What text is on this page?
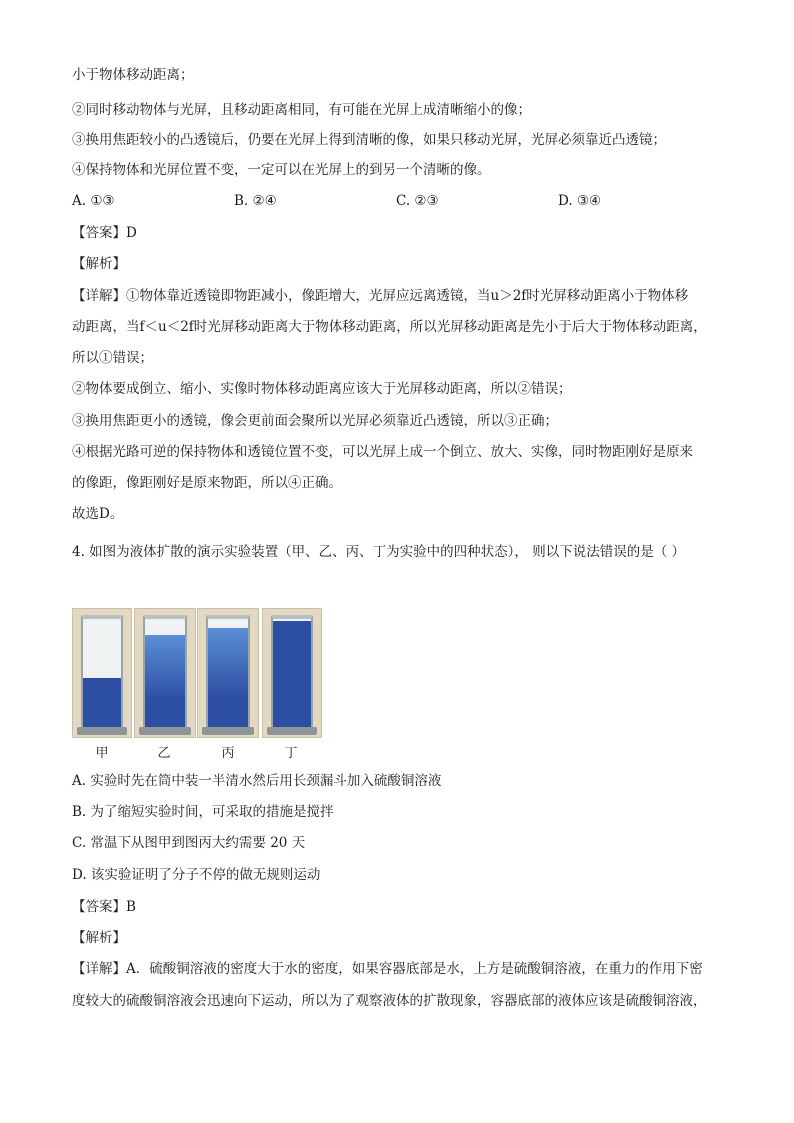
小于物体移动距离；
②同时移动物体与光屏，且移动距离相同，有可能在光屏上成清晰缩小的像；
③换用焦距较小的凸透镜后，仍要在光屏上得到清晰的像，如果只移动光屏，光屏必须靠近凸透镜；
④保持物体和光屏位置不变，一定可以在光屏上的到另一个清晰的像。
A. ①③	B. ②④	C. ②③	D. ③④
【答案】D
【解析】
【详解】①物体靠近透镜即物距减小，像距增大，光屏应远离透镜，当u＞2f时光屏移动距离小于物体移
动距离，当f＜u＜2f时光屏移动距离大于物体移动距离，所以光屏移动距离是先小于后大于物体移动距离，
所以①错误；
②物体要成倒立、缩小、实像时物体移动距离应该大于光屏移动距离，所以②错误；
③换用焦距更小的透镜，像会更前面会聚所以光屏必须靠近凸透镜，所以③正确；
④根据光路可逆的保持物体和透镜位置不变，可以光屏上成一个倒立、放大、实像，同时物距刚好是原来
的像距，像距刚好是原来物距，所以④正确。
故选D。
4. 如图为液体扩散的演示实验装置（甲、乙、丙、丁为实验中的四种状态）， 则以下说法错误的是（ ）
甲	乙	丙	丁
A. 实验时先在筒中装一半清水然后用长颈漏斗加入硫酸铜溶液
B. 为了缩短实验时间，可采取的措施是搅拌
C. 常温下从图甲到图丙大约需要 20 天
D. 该实验证明了分子不停的做无规则运动
【答案】B
【解析】
【详解】A．硫酸铜溶液的密度大于水的密度，如果容器底部是水，上方是硫酸铜溶液，在重力的作用下密
度较大的硫酸铜溶液会迅速向下运动，所以为了观察液体的扩散现象，容器底部的液体应该是硫酸铜溶液，
